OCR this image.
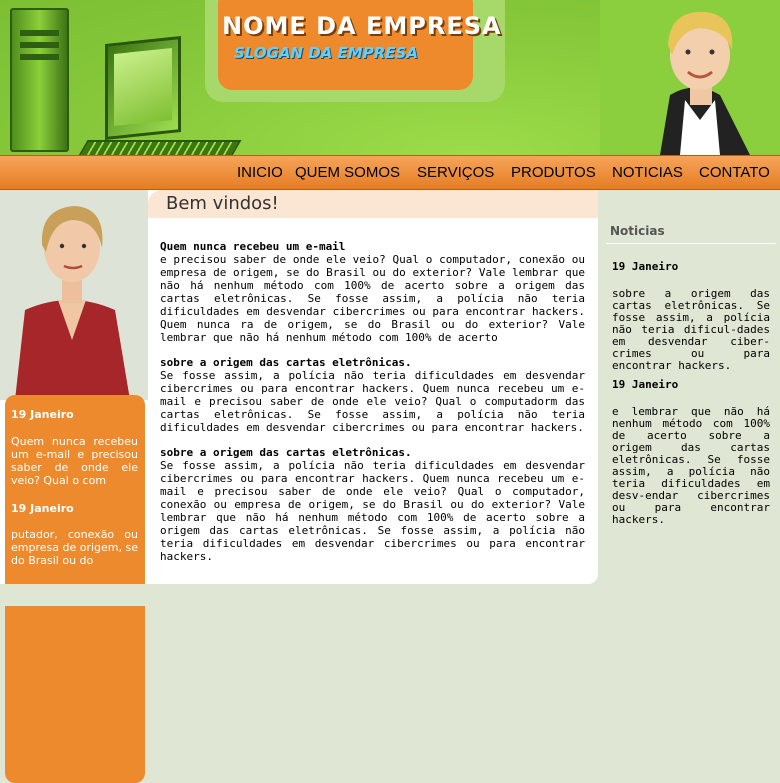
NOME DA EMPRESA
SLOGAN DA EMPRESA
INICIO QUEM SOMOS SERVIÇOS PRODUTOS NOTICIAS CONTATO
19 Janeiro
Quem nunca recebeu um e-mail e precisou saber de onde ele veio? Qual o com
19 Janeiro
putador, conexão ou empresa de origem, se do Brasil ou do
Bem vindos!

Quem nunca recebeu um e-mail
e precisou saber de onde ele veio? Qual o computador, conexão ou empresa de origem, se do Brasil ou do exterior? Vale lembrar que não há nenhum método com 100% de acerto sobre a origem das cartas eletrônicas. Se fosse assim, a polícia não teria dificuldades em desvendar cibercrimes ou para encontrar hackers. Quem nunca ra de origem, se do Brasil ou do exterior? Vale lembrar que não há nenhum método com 100% de acerto

sobre a origem das cartas eletrônicas.
Se fosse assim, a polícia não teria dificuldades em desvendar cibercrimes ou para encontrar hackers. Quem nunca recebeu um e-mail e precisou saber de onde ele veio? Qual o computadorm das cartas eletrônicas. Se fosse assim, a polícia não teria dificuldades em desvendar cibercrimes ou para encontrar hackers.

sobre a origem das cartas eletrônicas.
Se fosse assim, a polícia não teria dificuldades em desvendar cibercrimes ou para encontrar hackers. Quem nunca recebeu um e-mail e precisou saber de onde ele veio? Qual o computador, conexão ou empresa de origem, se do Brasil ou do exterior? Vale lembrar que não há nenhum método com 100% de acerto sobre a origem das cartas eletrônicas. Se fosse assim, a polícia não teria dificuldades em desvendar cibercrimes ou para encontrar hackers.

Noticias
19 Janeiro
sobre a origem das cartas eletrônicas. Se fosse assim, a polícia não teria dificul-dades em desvendar ciber-crimes ou para encontrar hackers.
19 Janeiro
e lembrar que não há nenhum método com 100% de acerto sobre a origem das cartas eletrônicas. Se fosse assim, a polícia não teria dificuldades em desv-endar cibercrimes ou para encontrar hackers.
